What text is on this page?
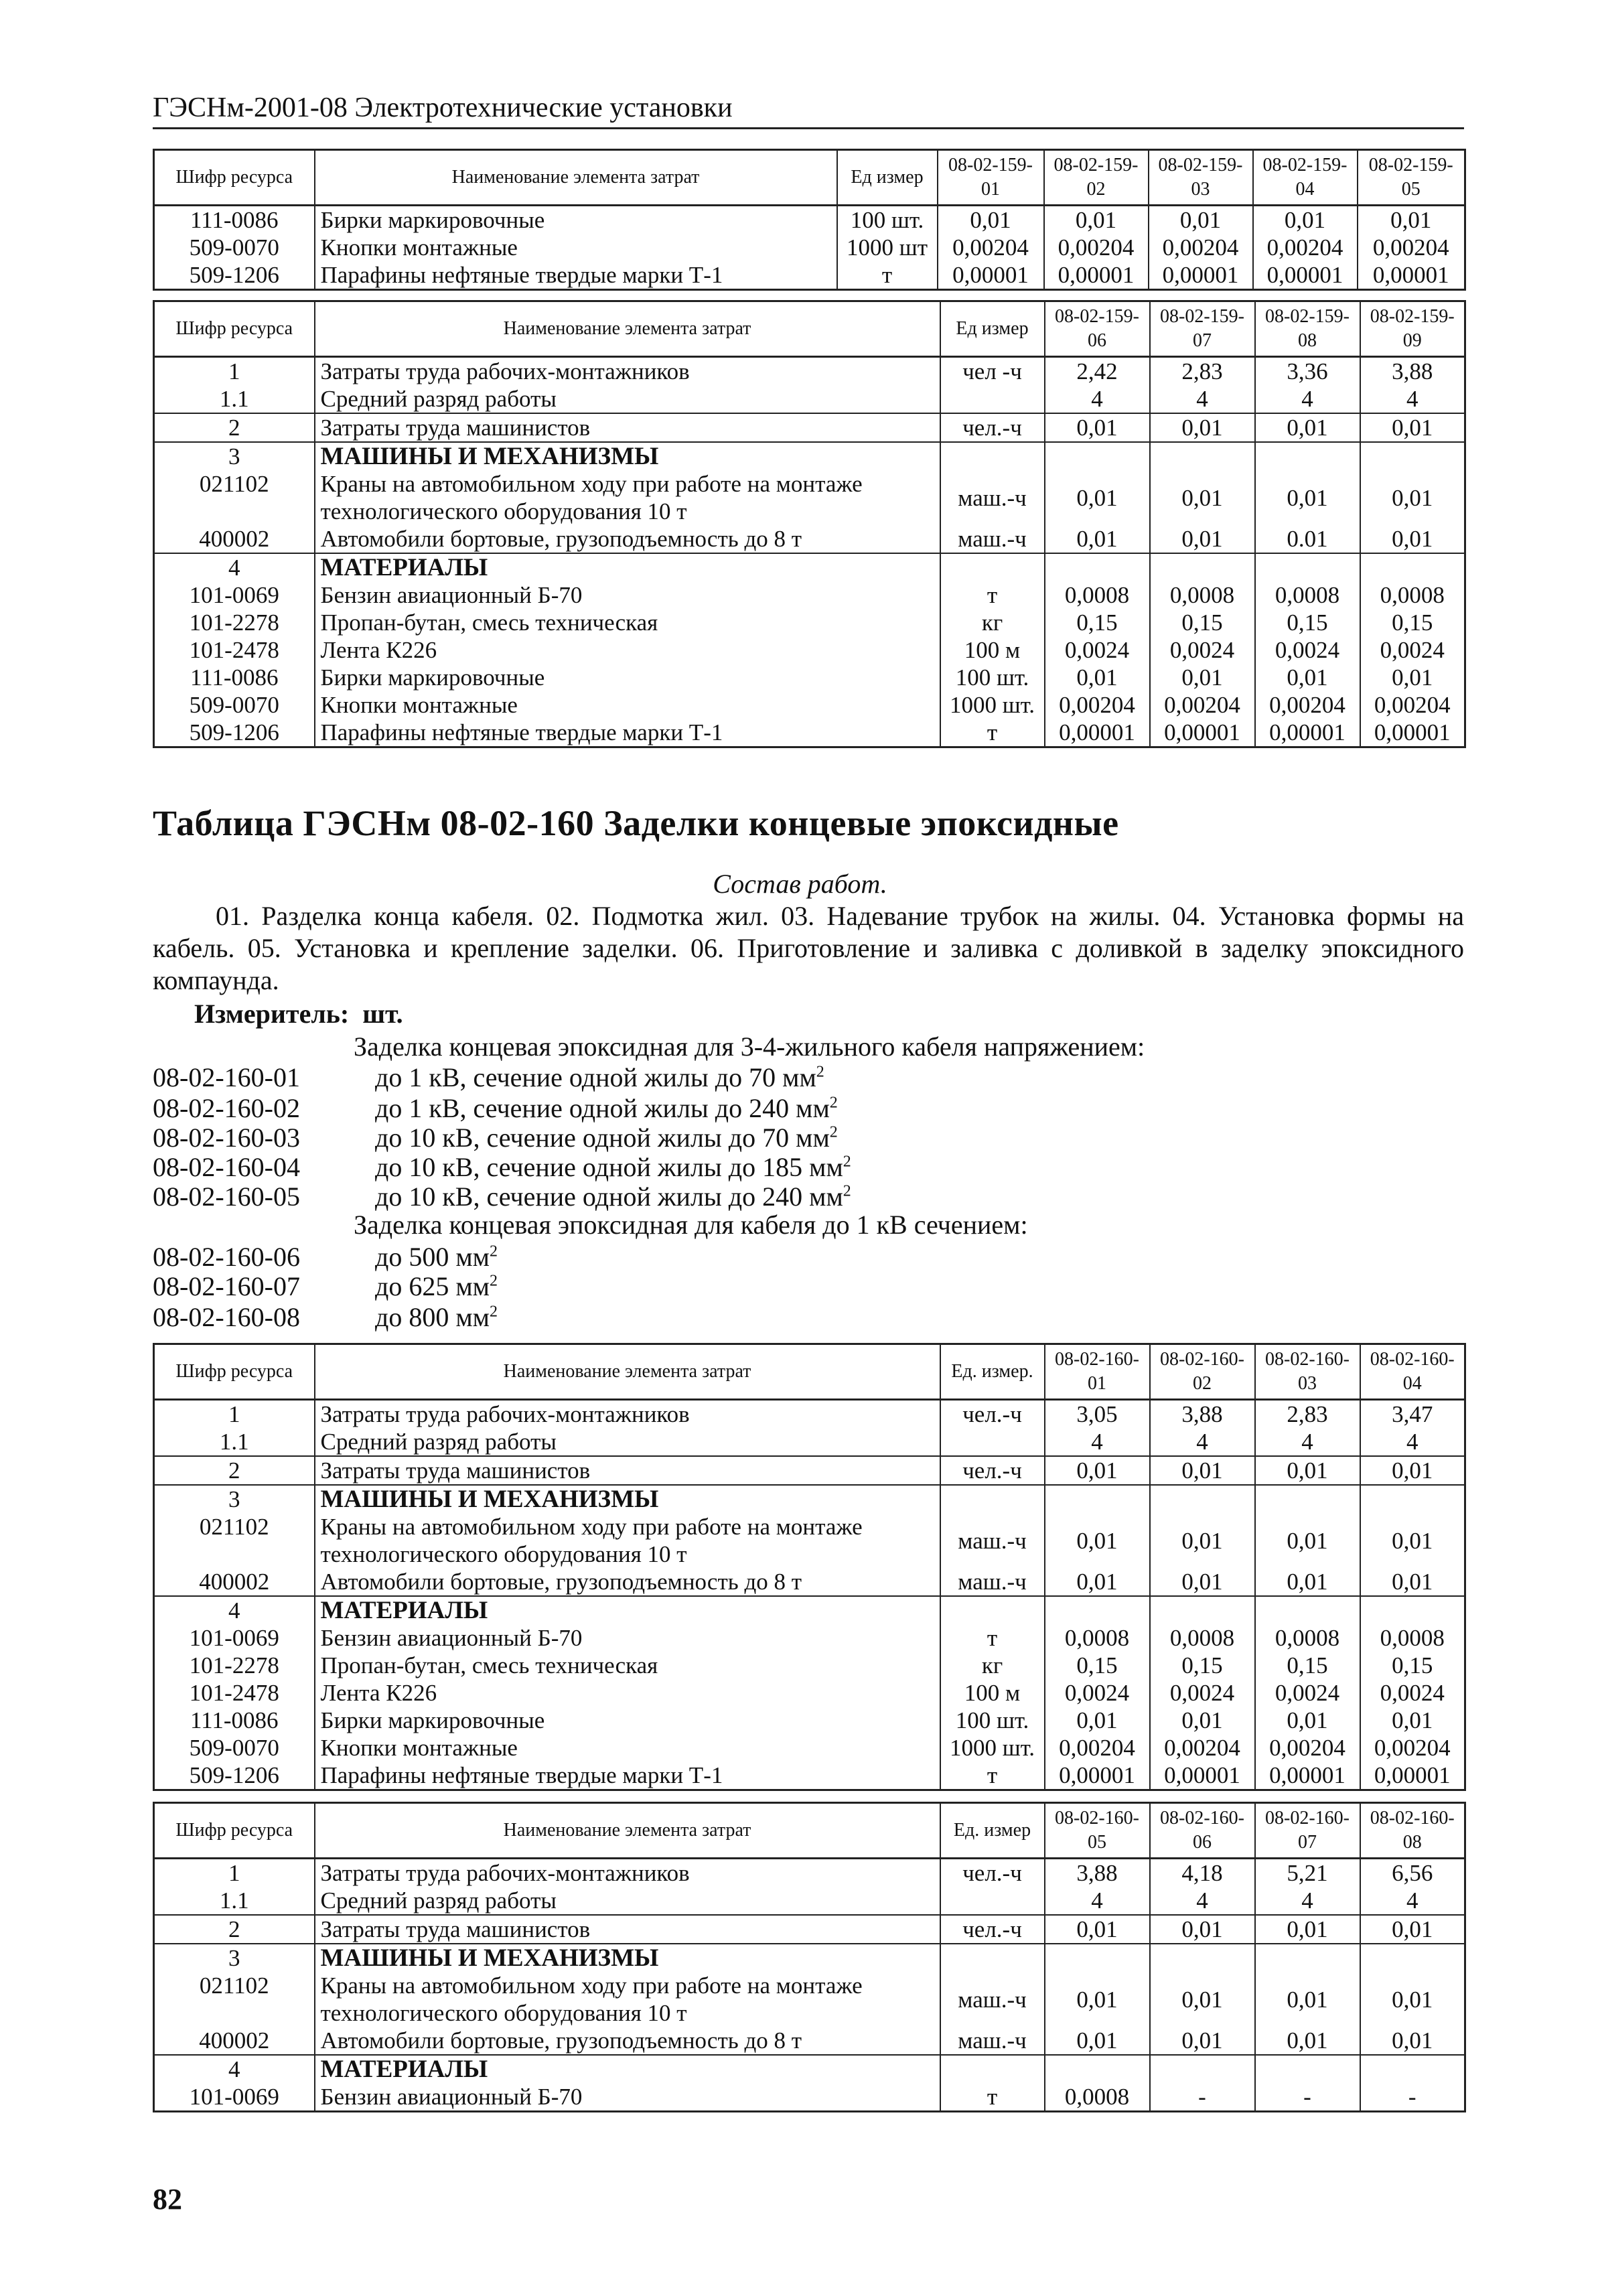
ГЭСНм-2001-08 Электротехнические установки
Шифр ресурса	Наименование элемента затрат	Ед измер	08-02-159-01	08-02-159-02	08-02-159-03	08-02-159-04	08-02-159-05
111-0086	Бирки маркировочные	100 шт.	0,01	0,01	0,01	0,01	0,01
509-0070	Кнопки монтажные	1000 шт	0,00204	0,00204	0,00204	0,00204	0,00204
509-1206	Парафины нефтяные твердые марки Т-1	т	0,00001	0,00001	0,00001	0,00001	0,00001
Шифр ресурса	Наименование элемента затрат	Ед измер	08-02-159-06	08-02-159-07	08-02-159-08	08-02-159-09
1	Затраты труда рабочих-монтажников	чел -ч	2,42	2,83	3,36	3,88
1.1	Средний разряд работы		4	4	4	4
2	Затраты труда машинистов	чел.-ч	0,01	0,01	0,01	0,01
3	МАШИНЫ И МЕХАНИЗМЫ					
021102	Краны на автомобильном ходу при работе на монтаже технологического оборудования 10 т	маш.-ч	0,01	0,01	0,01	0,01
400002	Автомобили бортовые, грузоподъемность до 8 т	маш.-ч	0,01	0,01	0.01	0,01
4	МАТЕРИАЛЫ					
101-0069	Бензин авиационный Б-70	т	0,0008	0,0008	0,0008	0,0008
101-2278	Пропан-бутан, смесь техническая	кг	0,15	0,15	0,15	0,15
101-2478	Лента К226	100 м	0,0024	0,0024	0,0024	0,0024
111-0086	Бирки маркировочные	100 шт.	0,01	0,01	0,01	0,01
509-0070	Кнопки монтажные	1000 шт.	0,00204	0,00204	0,00204	0,00204
509-1206	Парафины нефтяные твердые марки Т-1	т	0,00001	0,00001	0,00001	0,00001
Таблица ГЭСНм 08-02-160 Заделки концевые эпоксидные
Состав работ.
01. Разделка конца кабеля. 02. Подмотка жил. 03. Надевание трубок на жилы. 04. Установка формы на кабель. 05. Установка и крепление заделки. 06. Приготовление и заливка с доливкой в заделку эпоксидного компаунда.
Измеритель: шт.
Заделка концевая эпоксидная для 3-4-жильного кабеля напряжением:
Заделка концевая эпоксидная для кабеля до 1 кВ сечением:
08-02-160-01	до 1 кВ, сечение одной жилы до 70 $мм^2$
08-02-160-02	до 1 кВ, сечение одной жилы до 240 $мм^2$
08-02-160-03	до 10 кВ, сечение одной жилы до 70 $мм^2$
08-02-160-04	до 10 кВ, сечение одной жилы до 185 $мм^2$
08-02-160-05	до 10 кВ, сечение одной жилы до 240 $мм^2$
08-02-160-06	до 500 $мм^2$
08-02-160-07	до 625 $мм^2$
08-02-160-08	до 800 $мм^2$
Шифр ресурса	Наименование элемента затрат	Ед. измер.	08-02-160-01	08-02-160-02	08-02-160-03	08-02-160-04
1	Затраты труда рабочих-монтажников	чел.-ч	3,05	3,88	2,83	3,47
1.1	Средний разряд работы		4	4	4	4
2	Затраты труда машинистов	чел.-ч	0,01	0,01	0,01	0,01
3	МАШИНЫ И МЕХАНИЗМЫ					
021102	Краны на автомобильном ходу при работе на монтаже технологического оборудования 10 т	маш.-ч	0,01	0,01	0,01	0,01
400002	Автомобили бортовые, грузоподъемность до 8 т	маш.-ч	0,01	0,01	0,01	0,01
4	МАТЕРИАЛЫ					
101-0069	Бензин авиационный Б-70	т	0,0008	0,0008	0,0008	0,0008
101-2278	Пропан-бутан, смесь техническая	кг	0,15	0,15	0,15	0,15
101-2478	Лента К226	100 м	0,0024	0,0024	0,0024	0,0024
111-0086	Бирки маркировочные	100 шт.	0,01	0,01	0,01	0,01
509-0070	Кнопки монтажные	1000 шт.	0,00204	0,00204	0,00204	0,00204
509-1206	Парафины нефтяные твердые марки Т-1	т	0,00001	0,00001	0,00001	0,00001
Шифр ресурса	Наименование элемента затрат	Ед. измер	08-02-160-05	08-02-160-06	08-02-160-07	08-02-160-08
1	Затраты труда рабочих-монтажников	чел.-ч	3,88	4,18	5,21	6,56
1.1	Средний разряд работы		4	4	4	4
2	Затраты труда машинистов	чел.-ч	0,01	0,01	0,01	0,01
3	МАШИНЫ И МЕХАНИЗМЫ					
021102	Краны на автомобильном ходу при работе на монтаже технологического оборудования 10 т	маш.-ч	0,01	0,01	0,01	0,01
400002	Автомобили бортовые, грузоподъемность до 8 т	маш.-ч	0,01	0,01	0,01	0,01
4	МАТЕРИАЛЫ					
101-0069	Бензин авиационный Б-70	т	0,0008	-	-	-
82
